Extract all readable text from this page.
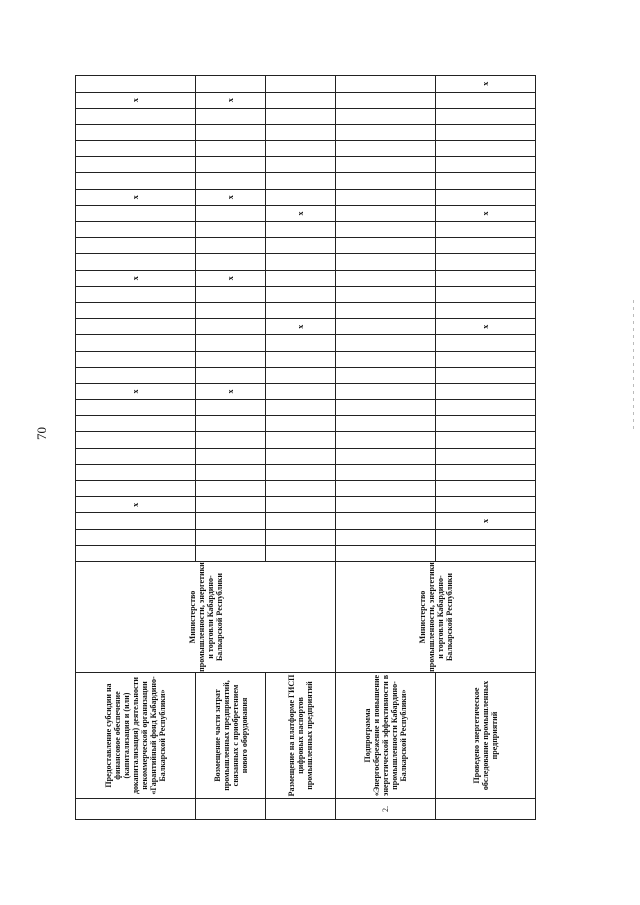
70
	Предоставление субсидии на финансовое обеспечение (капитализация и (или) докапитализация) деятельности некоммерческой организации «Гарантийный фонд Кабардино-Балкарской Республики»	Министерство промышленности, энергетики и торговли Кабардино-Балкарской Республики				x							x							x					x						x	
	Возмещение части затрат промышленных предприятий, связанных с приобретением нового оборудования												x							x					x						x	
	Размещение на платформе ГИСП цифровых паспортов промышленных предприятий																x							x								
2.	Подпрограмма «Энергосбережение и повышение энергетической эффективности в промышленности Кабардино-Балкарской Республики»	Министерство промышленности, энергетики и торговли Кабардино-Балкарской Республики																														
	Проведено энергетическое обследование промышленных предприятий				x												x							x								x
